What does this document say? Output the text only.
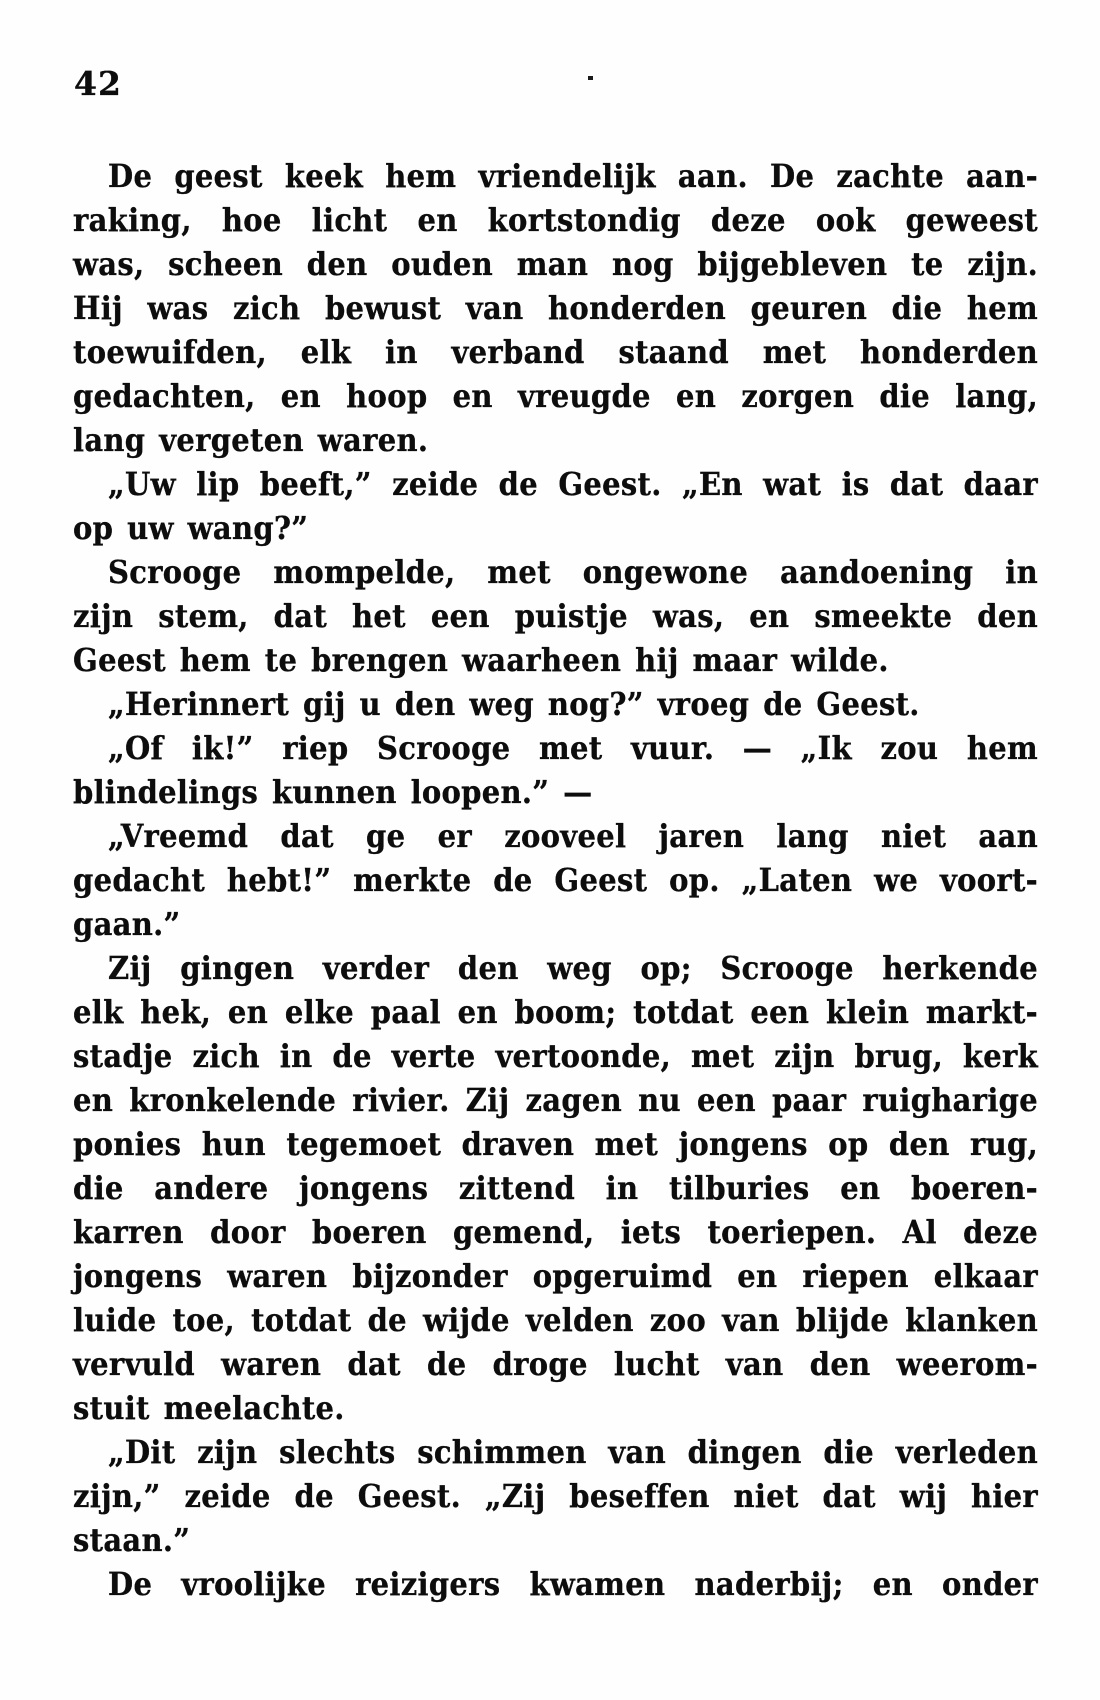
42
De geest keek hem vriendelijk aan. De zachte aan-
raking, hoe licht en kortstondig deze ook geweest
was, scheen den ouden man nog bijgebleven te zijn.
Hij was zich bewust van honderden geuren die hem
toewuifden, elk in verband staand met honderden
gedachten, en hoop en vreugde en zorgen die lang,
lang vergeten waren.
„Uw lip beeft,” zeide de Geest. „En wat is dat daar
op uw wang?”
Scrooge mompelde, met ongewone aandoening in
zijn stem, dat het een puistje was, en smeekte den
Geest hem te brengen waarheen hij maar wilde.
„Herinnert gij u den weg nog?” vroeg de Geest.
„Of ik!” riep Scrooge met vuur. — „Ik zou hem
blindelings kunnen loopen.” —
„Vreemd dat ge er zooveel jaren lang niet aan
gedacht hebt!” merkte de Geest op. „Laten we voort-
gaan.”
Zij gingen verder den weg op; Scrooge herkende
elk hek, en elke paal en boom; totdat een klein markt-
stadje zich in de verte vertoonde, met zijn brug, kerk
en kronkelende rivier. Zij zagen nu een paar ruigharige
ponies hun tegemoet draven met jongens op den rug,
die andere jongens zittend in tilburies en boeren-
karren door boeren gemend, iets toeriepen. Al deze
jongens waren bijzonder opgeruimd en riepen elkaar
luide toe, totdat de wijde velden zoo van blijde klanken
vervuld waren dat de droge lucht van den weerom-
stuit meelachte.
„Dit zijn slechts schimmen van dingen die verleden
zijn,” zeide de Geest. „Zij beseffen niet dat wij hier
staan.”
De vroolijke reizigers kwamen naderbij; en onder
